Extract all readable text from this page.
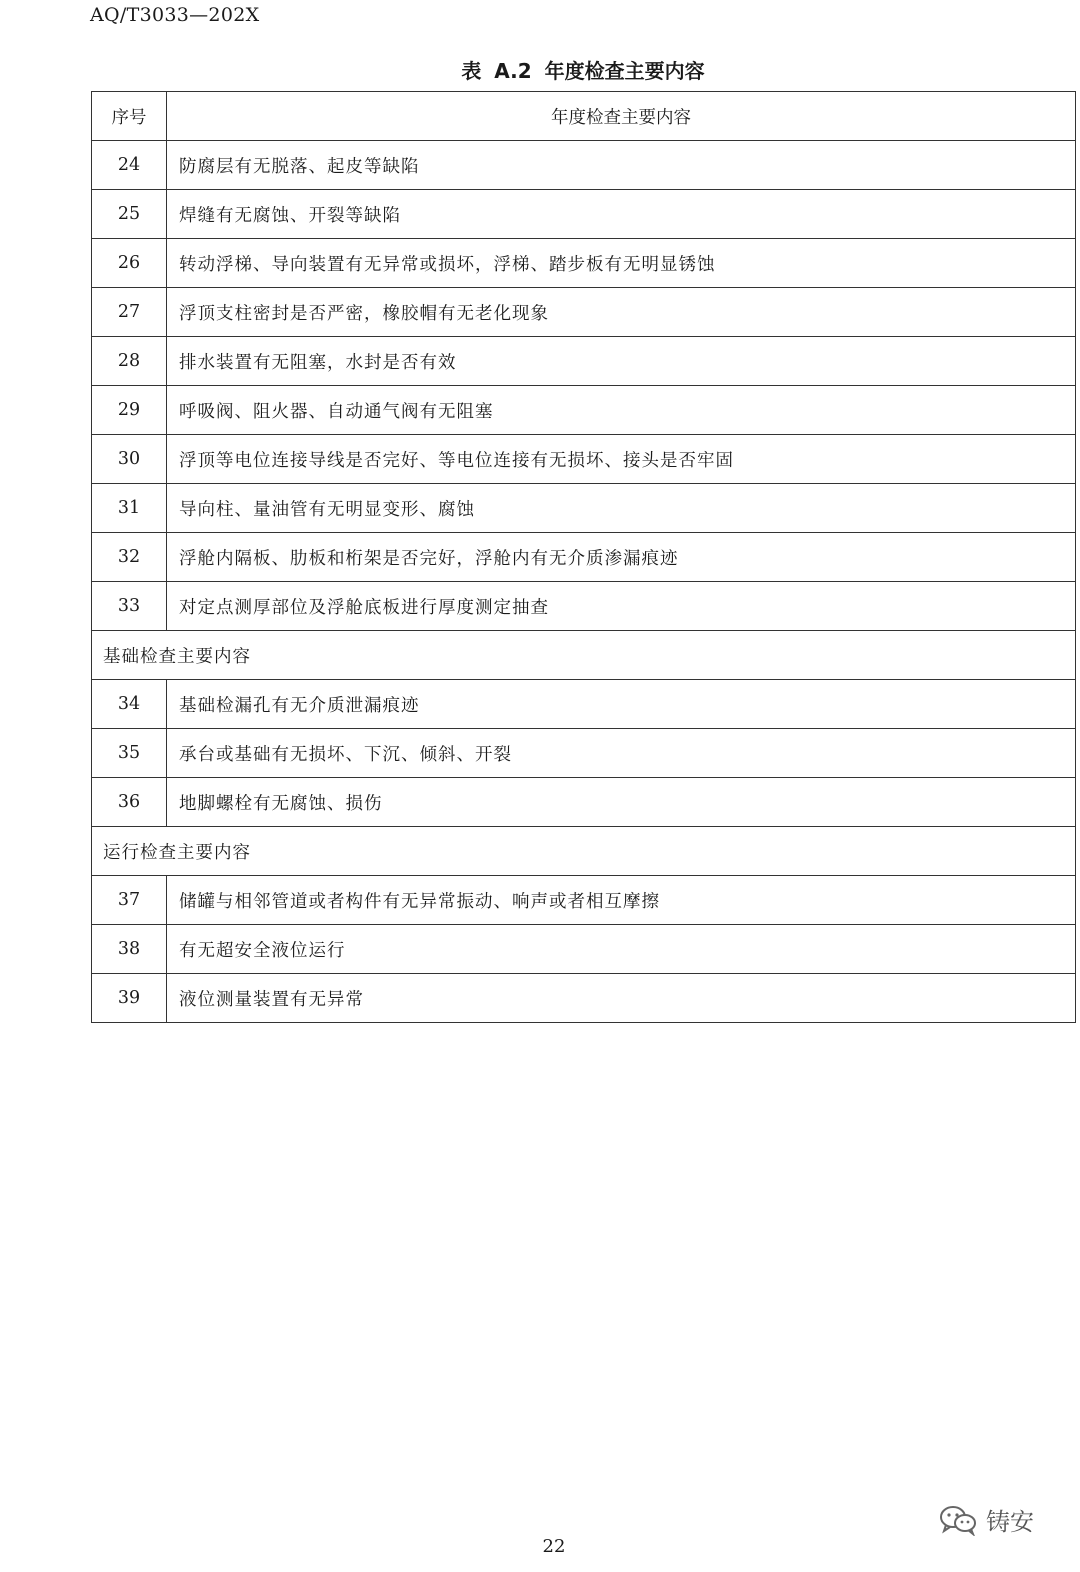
AQ/T3033—202X
表 A.2 年度检查主要内容
序号	年度检查主要内容
24	防腐层有无脱落、起皮等缺陷
25	焊缝有无腐蚀、开裂等缺陷
26	转动浮梯、导向装置有无异常或损坏，浮梯、踏步板有无明显锈蚀
27	浮顶支柱密封是否严密，橡胶帽有无老化现象
28	排水装置有无阻塞，水封是否有效
29	呼吸阀、阻火器、自动通气阀有无阻塞
30	浮顶等电位连接导线是否完好、等电位连接有无损坏、接头是否牢固
31	导向柱、量油管有无明显变形、腐蚀
32	浮舱内隔板、肋板和桁架是否完好，浮舱内有无介质渗漏痕迹
33	对定点测厚部位及浮舱底板进行厚度测定抽查
基础检查主要内容	
34	基础检漏孔有无介质泄漏痕迹
35	承台或基础有无损坏、下沉、倾斜、开裂
36	地脚螺栓有无腐蚀、损伤
运行检查主要内容	
37	储罐与相邻管道或者构件有无异常振动、响声或者相互摩擦
38	有无超安全液位运行
39	液位测量装置有无异常
铸安
22
